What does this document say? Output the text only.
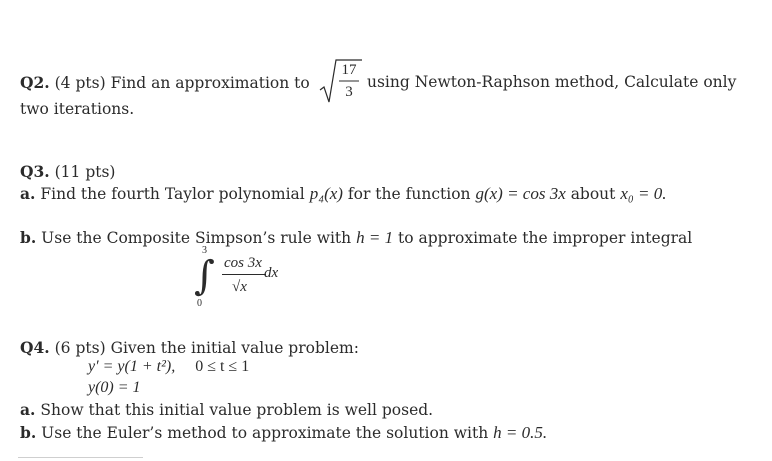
Q2. (4 pts) Find an approximation to
17
3
using Newton-Raphson method, Calculate only
two iterations.
Q3. (11 pts)
a. Find the fourth Taylor polynomial p₄(x) for the function g(x) = cos 3x about x₀ = 0.
b. Use the Composite Simpson’s rule with h = 1 to approximate the improper integral
3
∫
0
cos 3x
√x
dx
Q4. (6 pts) Given the initial value problem:
y′ = y(1 + t²), 0 ≤ t ≤ 1
y(0) = 1
a. Show that this initial value problem is well posed.
b. Use the Euler’s method to approximate the solution with h = 0.5.
